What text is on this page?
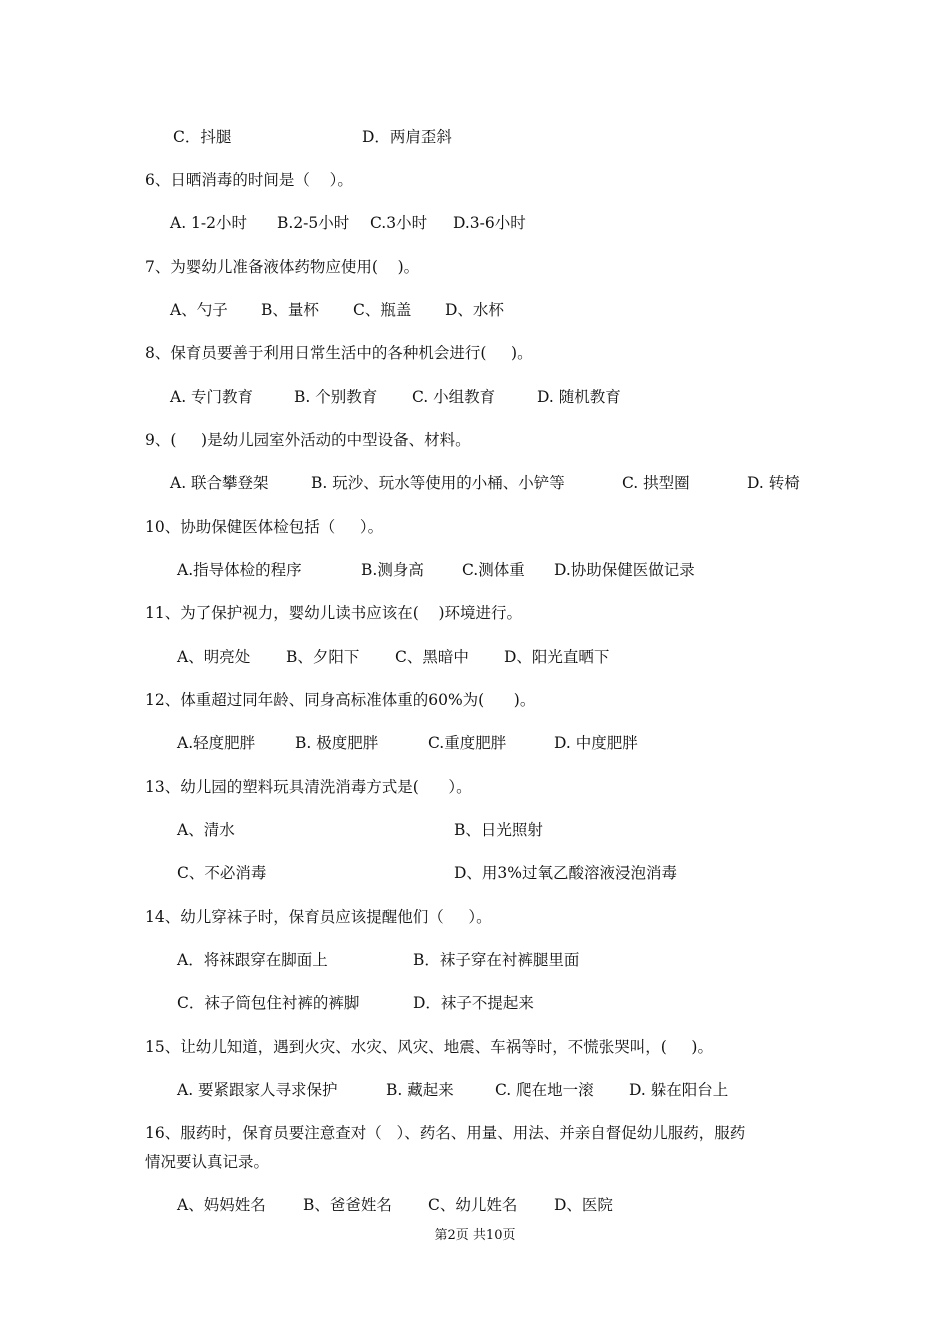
C．抖腿	D．两肩歪斜
6、日晒消毒的时间是（    ）。
A. 1-2小时 B.2-5小时 C.3小时 D.3-6小时
7、为婴幼儿准备液体药物应使用(    )。
A、勺子 B、量杯 C、瓶盖 D、水杯
8、保育员要善于利用日常生活中的各种机会进行(     )。
A. 专门教育	B. 个别教育 C. 小组教育	D. 随机教育
9、(     )是幼儿园室外活动的中型设备、材料。
A. 联合攀登架	B. 玩沙、玩水等使用的小桶、小铲等	C. 拱型圈	D. 转椅
10、协助保健医体检包括（     ）。
A.指导体检的程序	B.测身高 C.测体重 D.协助保健医做记录
11、为了保护视力，婴幼儿读书应该在(    )环境进行。
A、明亮处 B、夕阳下 C、黑暗中 D、阳光直晒下
12、体重超过同年龄、同身高标准体重的60%为(      )。
A.轻度肥胖	B. 极度肥胖	C.重度肥胖	D. 中度肥胖
13、幼儿园的塑料玩具清洗消毒方式是(      ）。
A、清水	B、日光照射
C、不必消毒	D、用3%过氧乙酸溶液浸泡消毒
14、幼儿穿袜子时，保育员应该提醒他们（     ）。
A．将袜跟穿在脚面上	B．袜子穿在衬裤腿里面
C．袜子筒包住衬裤的裤脚	D．袜子不提起来
15、让幼儿知道，遇到火灾、水灾、风灾、地震、车祸等时，不慌张哭叫，(     )。
A. 要紧跟家人寻求保护	B. 藏起来	C. 爬在地一滚 D. 躲在阳台上
16、服药时，保育员要注意查对（   ）、药名、用量、用法、并亲自督促幼儿服药，服药
情况要认真记录。
A、妈妈姓名 B、爸爸姓名 C、幼儿姓名 D、医院
第2页 共10页
